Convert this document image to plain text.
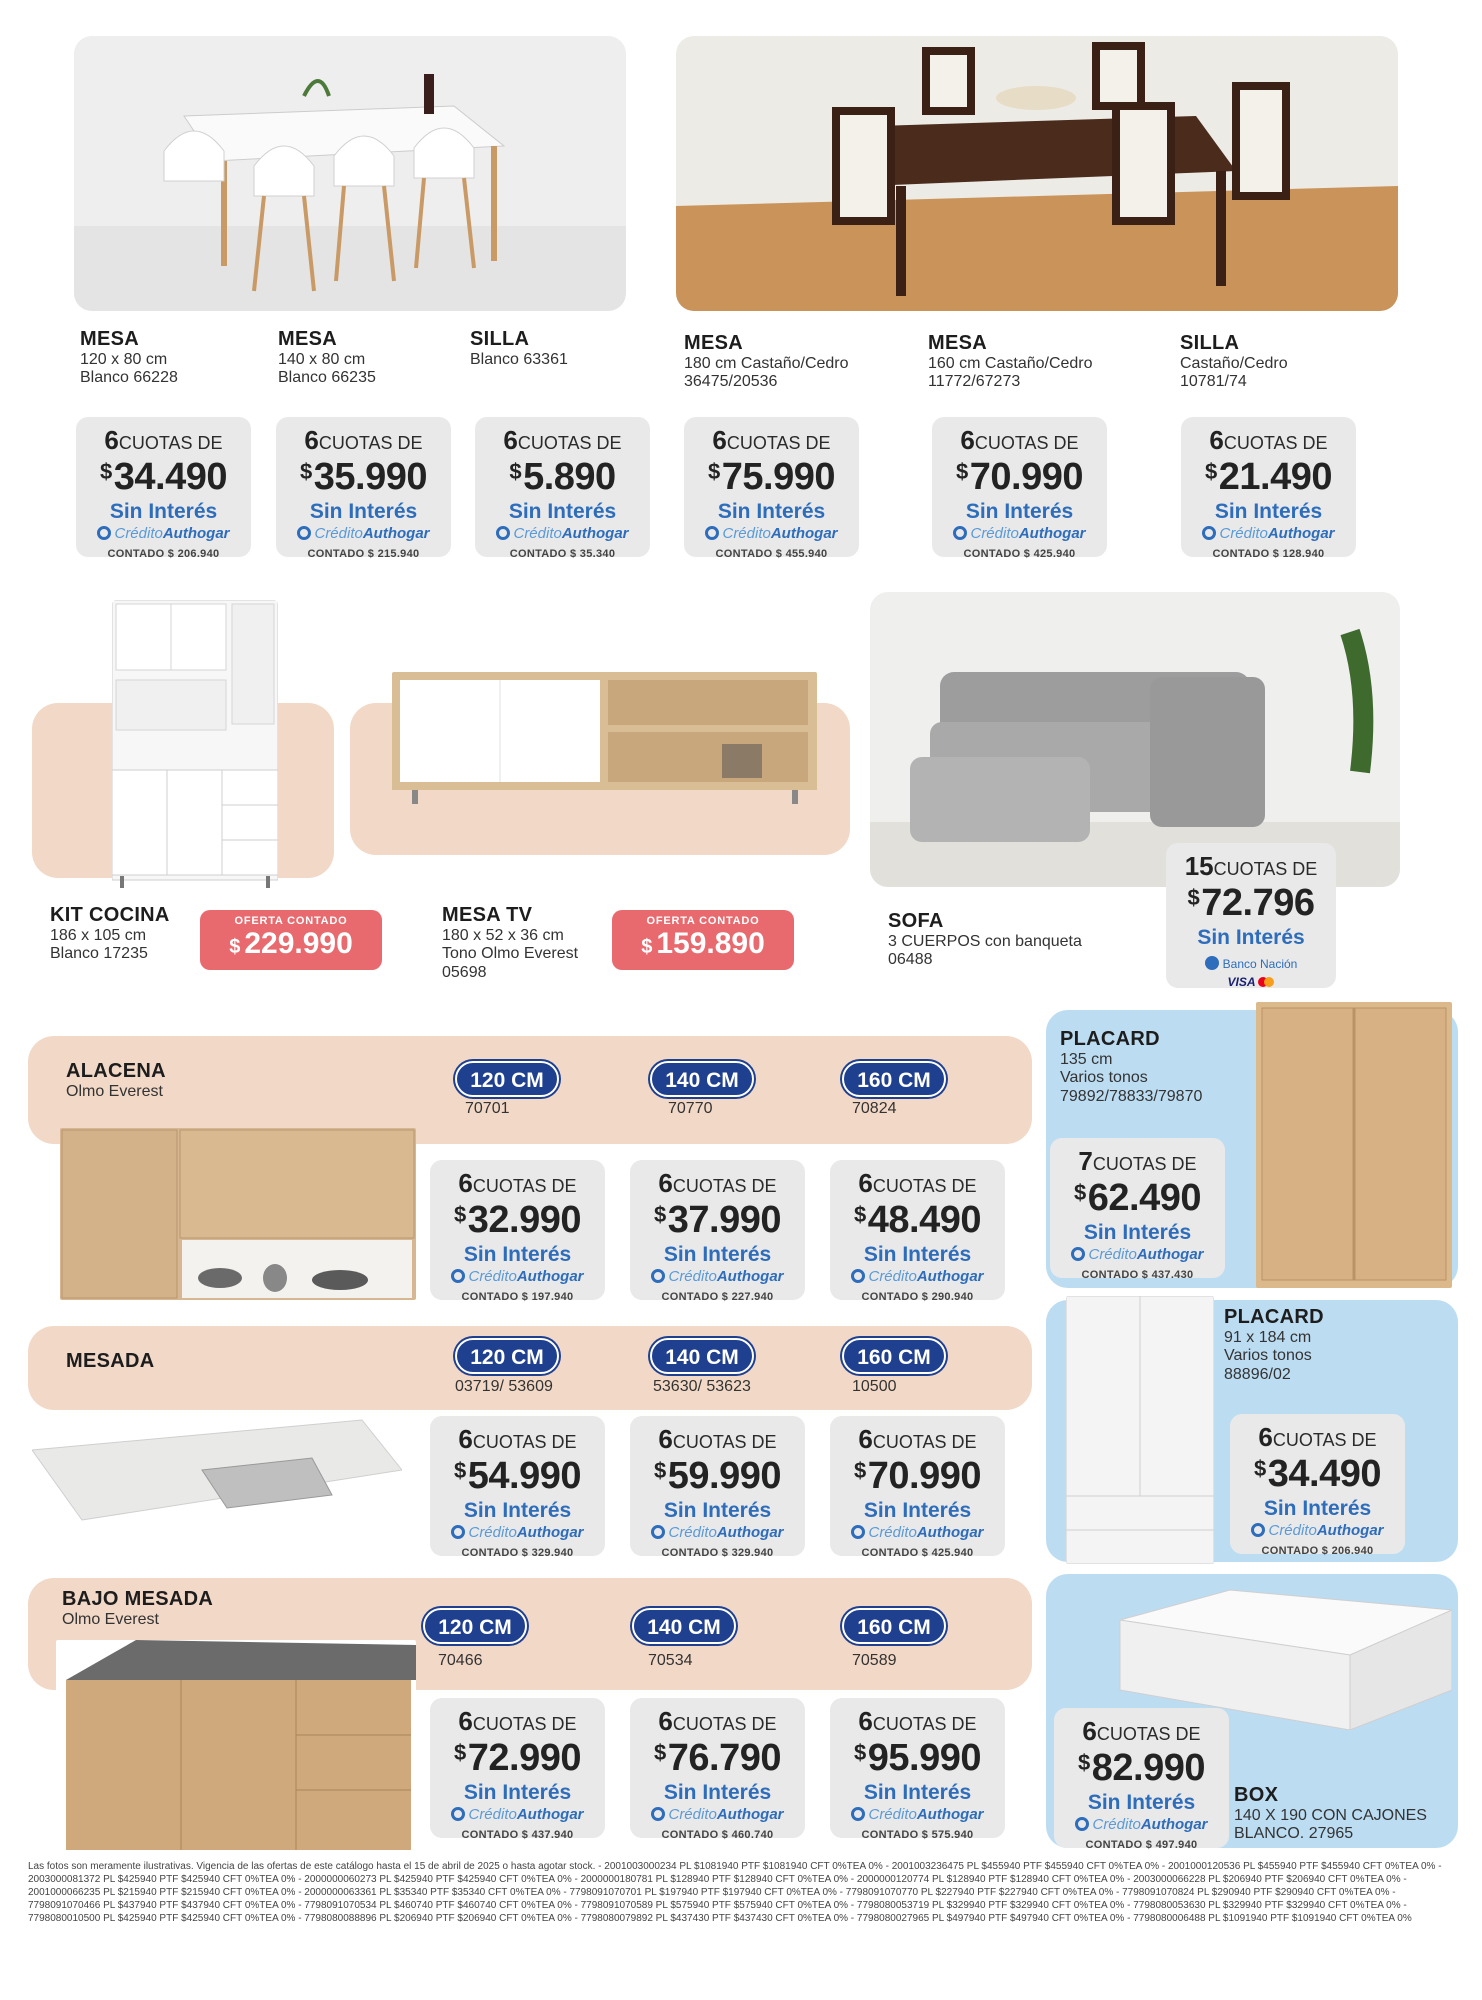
MESA
120 x 80 cm
Blanco 66228
MESA
140 x 80 cm
Blanco 66235
SILLA
Blanco 63361
MESA
180 cm Castaño/Cedro
36475/20536
MESA
160 cm Castaño/Cedro
11772/67273
SILLA
Castaño/Cedro
10781/74
6CUOTAS DE
$34.490
Sin Interés
CréditoAuthogar
CONTADO $ 206.940
6CUOTAS DE
$35.990
Sin Interés
CréditoAuthogar
CONTADO $ 215.940
6CUOTAS DE
$5.890
Sin Interés
CréditoAuthogar
CONTADO $ 35.340
6CUOTAS DE
$75.990
Sin Interés
CréditoAuthogar
CONTADO $ 455.940
6CUOTAS DE
$70.990
Sin Interés
CréditoAuthogar
CONTADO $ 425.940
6CUOTAS DE
$21.490
Sin Interés
CréditoAuthogar
CONTADO $ 128.940
KIT COCINA
186 x 105 cm
Blanco 17235
OFERTA CONTADO
$ 229.990
MESA TV
180 x 52 x 36 cm
Tono Olmo Everest
05698
OFERTA CONTADO
$ 159.890
SOFA
3 CUERPOS con banqueta
06488
15CUOTAS DE
$72.796
Sin Interés
Banco Nación
VISA
ALACENA
Olmo Everest	120 CM
70701
140 CM
70770
160 CM
70824
6CUOTAS DE
$32.990
Sin Interés
CréditoAuthogar
CONTADO $ 197.940
6CUOTAS DE
$37.990
Sin Interés
CréditoAuthogar
CONTADO $ 227.940
6CUOTAS DE
$48.490
Sin Interés
CréditoAuthogar
CONTADO $ 290.940
MESADA	120 CM
03719/ 53609
140 CM
53630/ 53623
160 CM
10500
6CUOTAS DE
$54.990
Sin Interés
CréditoAuthogar
CONTADO $ 329.940
6CUOTAS DE
$59.990
Sin Interés
CréditoAuthogar
CONTADO $ 329.940
6CUOTAS DE
$70.990
Sin Interés
CréditoAuthogar
CONTADO $ 425.940
BAJO MESADA
Olmo Everest	120 CM
70466
140 CM
70534
160 CM
70589
6CUOTAS DE
$72.990
Sin Interés
CréditoAuthogar
CONTADO $ 437.940
6CUOTAS DE
$76.790
Sin Interés
CréditoAuthogar
CONTADO $ 460.740
6CUOTAS DE
$95.990
Sin Interés
CréditoAuthogar
CONTADO $ 575.940
PLACARD
135 cm
Varios tonos
79892/78833/79870
7CUOTAS DE
$62.490
Sin Interés
CréditoAuthogar
CONTADO $ 437.430
PLACARD
91 x 184 cm
Varios tonos
88896/02
6CUOTAS DE
$34.490
Sin Interés
CréditoAuthogar
CONTADO $ 206.940
6CUOTAS DE
$82.990
Sin Interés
CréditoAuthogar
CONTADO $ 497.940
BOX
140 X 190 CON CAJONES
BLANCO. 27965
Las fotos son meramente ilustrativas. Vigencia de las ofertas de este catálogo hasta el 15 de abril de 2025 o hasta agotar stock. - 2001003000234 PL $1081940 PTF $1081940 CFT 0%TEA 0% - 2001003236475 PL $455940 PTF $455940 CFT 0%TEA 0% - 2001000120536 PL $455940 PTF $455940 CFT 0%TEA 0% - 2003000081372 PL $425940 PTF $425940 CFT 0%TEA 0% - 2000000060273 PL $425940 PTF $425940 CFT 0%TEA 0% - 2000000180781 PL $128940 PTF $128940 CFT 0%TEA 0% - 2000000120774 PL $128940 PTF $128940 CFT 0%TEA 0% - 2003000066228 PL $206940 PTF $206940 CFT 0%TEA 0% - 2001000066235 PL $215940 PTF $215940 CFT 0%TEA 0% - 2000000063361 PL $35340 PTF $35340 CFT 0%TEA 0% - 7798091070701 PL $197940 PTF $197940 CFT 0%TEA 0% - 7798091070770 PL $227940 PTF $227940 CFT 0%TEA 0% - 7798091070824 PL $290940 PTF $290940 CFT 0%TEA 0% - 7798091070466 PL $437940 PTF $437940 CFT 0%TEA 0% - 7798091070534 PL $460740 PTF $460740 CFT 0%TEA 0% - 7798091070589 PL $575940 PTF $575940 CFT 0%TEA 0% - 7798080053719 PL $329940 PTF $329940 CFT 0%TEA 0% - 7798080053630 PL $329940 PTF $329940 CFT 0%TEA 0% - 7798080010500 PL $425940 PTF $425940 CFT 0%TEA 0% - 7798080088896 PL $206940 PTF $206940 CFT 0%TEA 0% - 7798080079892 PL $437430 PTF $437430 CFT 0%TEA 0% - 7798080027965 PL $497940 PTF $497940 CFT 0%TEA 0% - 7798080006488 PL $1091940 PTF $1091940 CFT 0%TEA 0%
